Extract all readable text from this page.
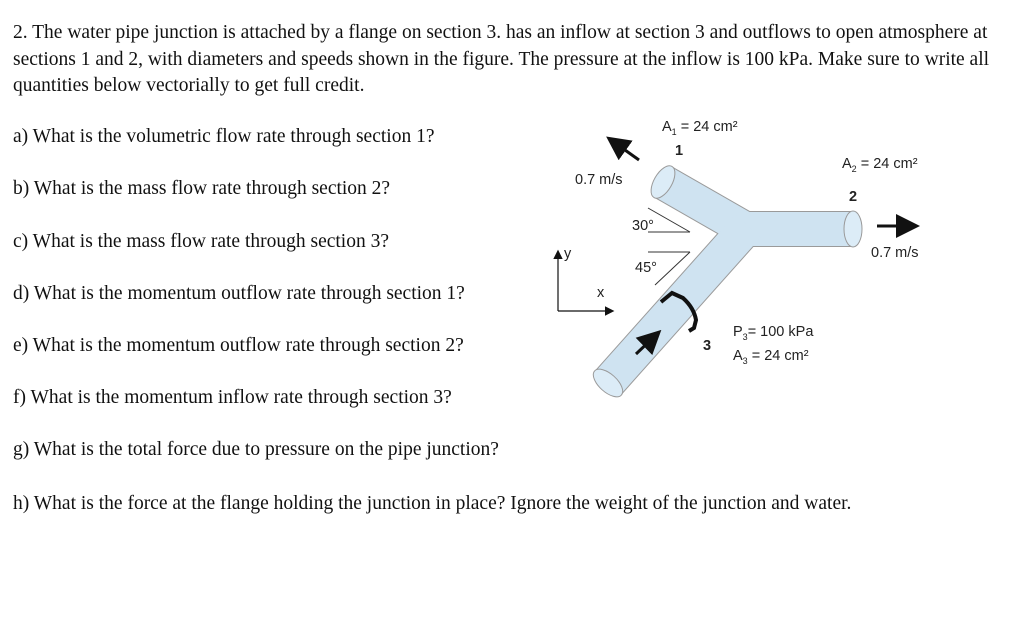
2. The water pipe junction is attached by a flange on section 3. has an inflow at section 3 and outflows to open atmosphere at sections 1 and 2, with diameters and speeds shown in the figure. The pressure at the inflow is 100 kPa. Make sure to write all quantities below vectorially to get full credit.
a) What is the volumetric flow rate through section 1?
b) What is the mass flow rate through section 2?
c) What is the mass flow rate through section 3?
d) What is the momentum outflow rate through section 1?
e) What is the momentum outflow rate through section 2?
f) What is the momentum inflow rate through section 3?
g) What is the total force due to pressure on the pipe junction?
h) What is the force at the flange holding the junction in place? Ignore the weight of the junction and water.
30°
45°
y
x
$A_1 = 24$ cm²
1
0.7 m/s
$A_2 = 24$ cm²
2
0.7 m/s
3
$P_3= 100$ kPa
$A_3 = 24$ cm²
